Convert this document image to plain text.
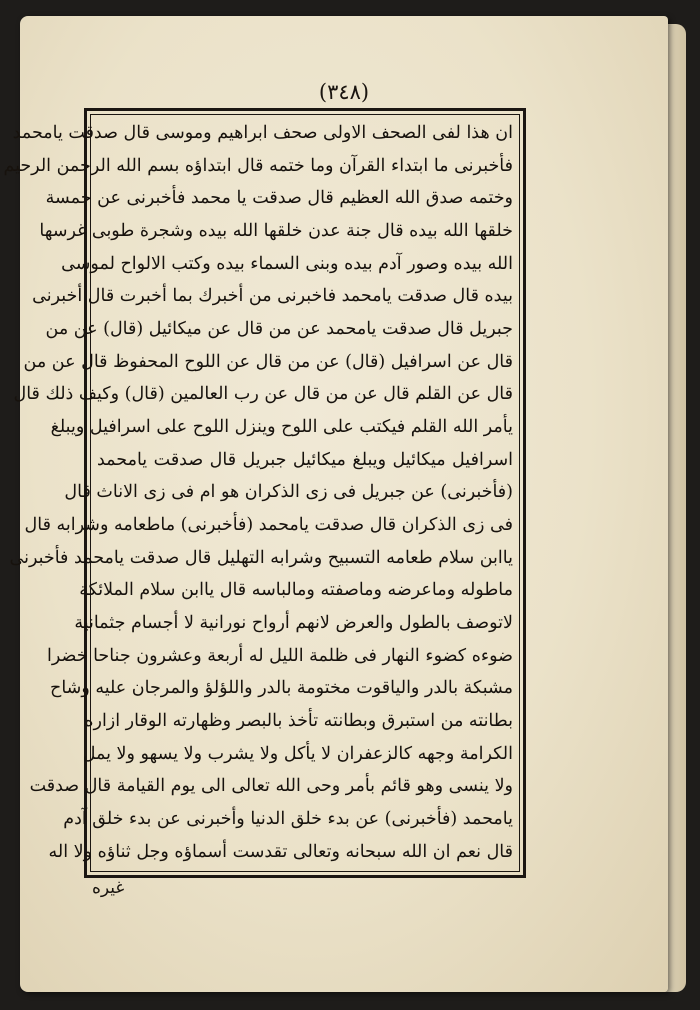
(٣٤٨)
ان هذا لفى الصحف الاولى صحف ابراهيم وموسى قال صدقت يامحمد
فأخبرنى ما ابتداء القرآن وما ختمه قال ابتداؤه بسم الله الرحمن الرحيم
وختمه صدق الله العظيم قال صدقت يا محمد فأخبرنى عن خمسة
خلقها الله بيده قال جنة عدن خلقها الله بيده وشجرة طوبى غرسها
الله بيده وصور آدم بيده وبنى السماء بيده وكتب الالواح لموسى
بيده قال صدقت يامحمد فاخبرنى من أخبرك بما أخبرت قال أخبرنى
جبريل قال صدقت يامحمد عن من قال عن ميكائيل (قال) عن من
قال عن اسرافيل (قال) عن من قال عن اللوح المحفوظ قال عن من
قال عن القلم قال عن من قال عن رب العالمين (قال) وكيف ذلك قال
يأمر الله القلم فيكتب على اللوح وينزل اللوح على اسرافيل ويبلغ
اسرافيل ميكائيل ويبلغ ميكائيل جبريل قال صدقت يامحمد
(فأخبرنى) عن جبريل فى زى الذكران هو ام فى زى الاناث قال
فى زى الذكران قال صدقت يامحمد (فأخبرنى) ماطعامه وشرابه قال
ياابن سلام طعامه التسبيح وشرابه التهليل قال صدقت يامحمد فأخبرنى
ماطوله وماعرضه وماصفته ومالباسه قال ياابن سلام الملائكة
لاتوصف بالطول والعرض لانهم أرواح نورانية لا أجسام جثمانية
ضوءه كضوء النهار فى ظلمة الليل له أربعة وعشرون جناحا خضرا
مشبكة بالدر والياقوت مختومة بالدر واللؤلؤ والمرجان عليه وشاح
بطانته من استبرق وبطانته تأخذ بالبصر وظهارته الوقار ازاره
الكرامة وجهه كالزعفران لا يأكل ولا يشرب ولا يسهو ولا يمل
ولا ينسى وهو قائم بأمر وحى الله تعالى الى يوم القيامة قال صدقت
يامحمد (فأخبرنى) عن بدء خلق الدنيا وأخبرنى عن بدء خلق آدم
قال نعم ان الله سبحانه وتعالى تقدست أسماؤه وجل ثناؤه ولا اله
غيره
